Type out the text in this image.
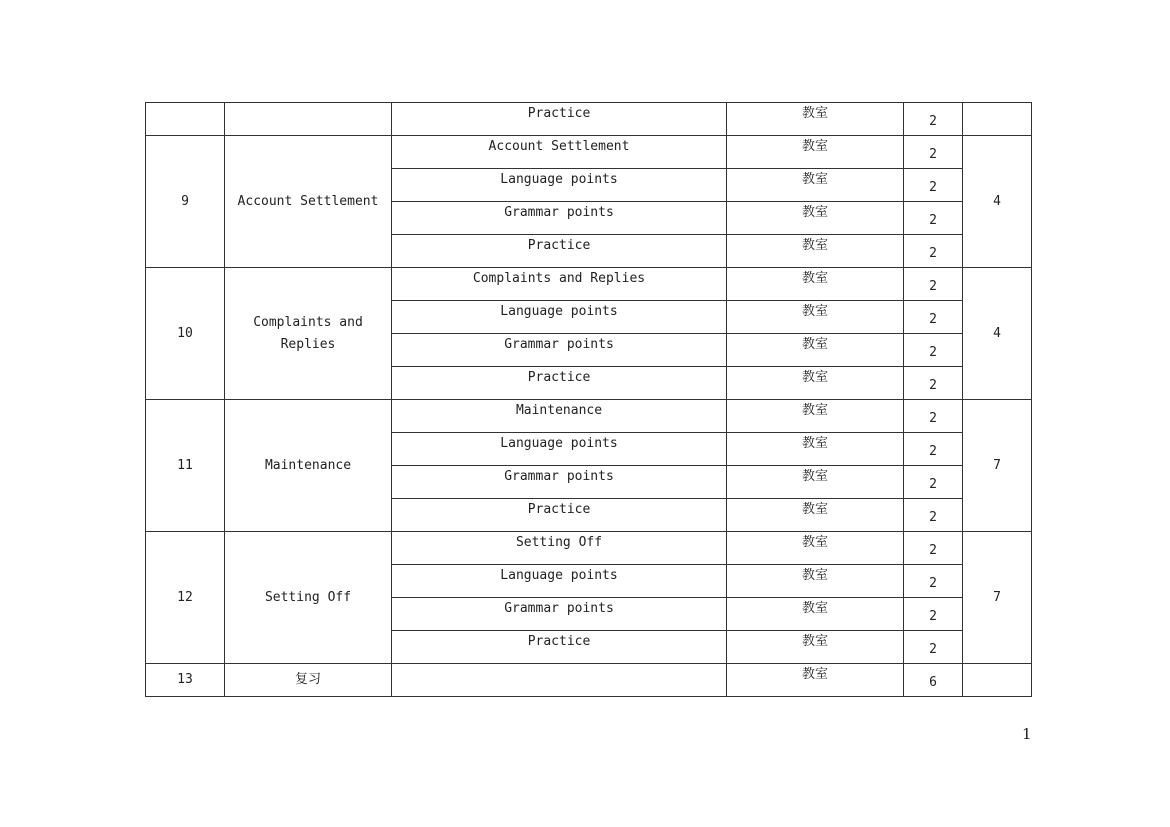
		Practice	教室	2	
9	Account Settlement	Account Settlement	教室	2	4
		Language points	教室	2	
		Grammar points	教室	2	
		Practice	教室	2	
10	Complaints and Replies	Complaints and Replies	教室	2	4
		Language points	教室	2	
		Grammar points	教室	2	
		Practice	教室	2	
11	Maintenance	Maintenance	教室	2	7
		Language points	教室	2	
		Grammar points	教室	2	
		Practice	教室	2	
12	Setting Off	Setting Off	教室	2	7
		Language points	教室	2	
		Grammar points	教室	2	
		Practice	教室	2	
13	复习		教室	6	
1
